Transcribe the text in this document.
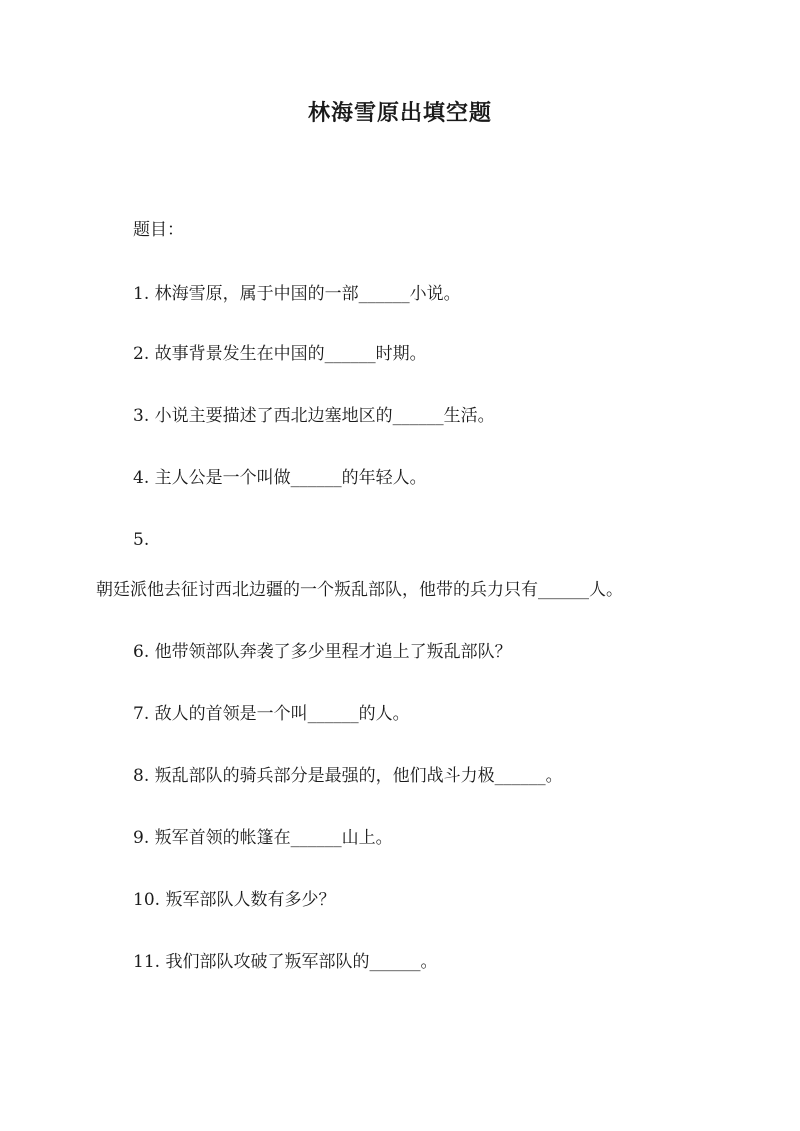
林海雪原出填空题
题目：
1. 林海雪原，属于中国的一部______小说。
2. 故事背景发生在中国的______时期。
3. 小说主要描述了西北边塞地区的______生活。
4. 主人公是一个叫做______的年轻人。
5.
朝廷派他去征讨西北边疆的一个叛乱部队，他带的兵力只有______人。
6. 他带领部队奔袭了多少里程才追上了叛乱部队？
7. 敌人的首领是一个叫______的人。
8. 叛乱部队的骑兵部分是最强的，他们战斗力极______。
9. 叛军首领的帐篷在______山上。
10. 叛军部队人数有多少？
11. 我们部队攻破了叛军部队的______。
